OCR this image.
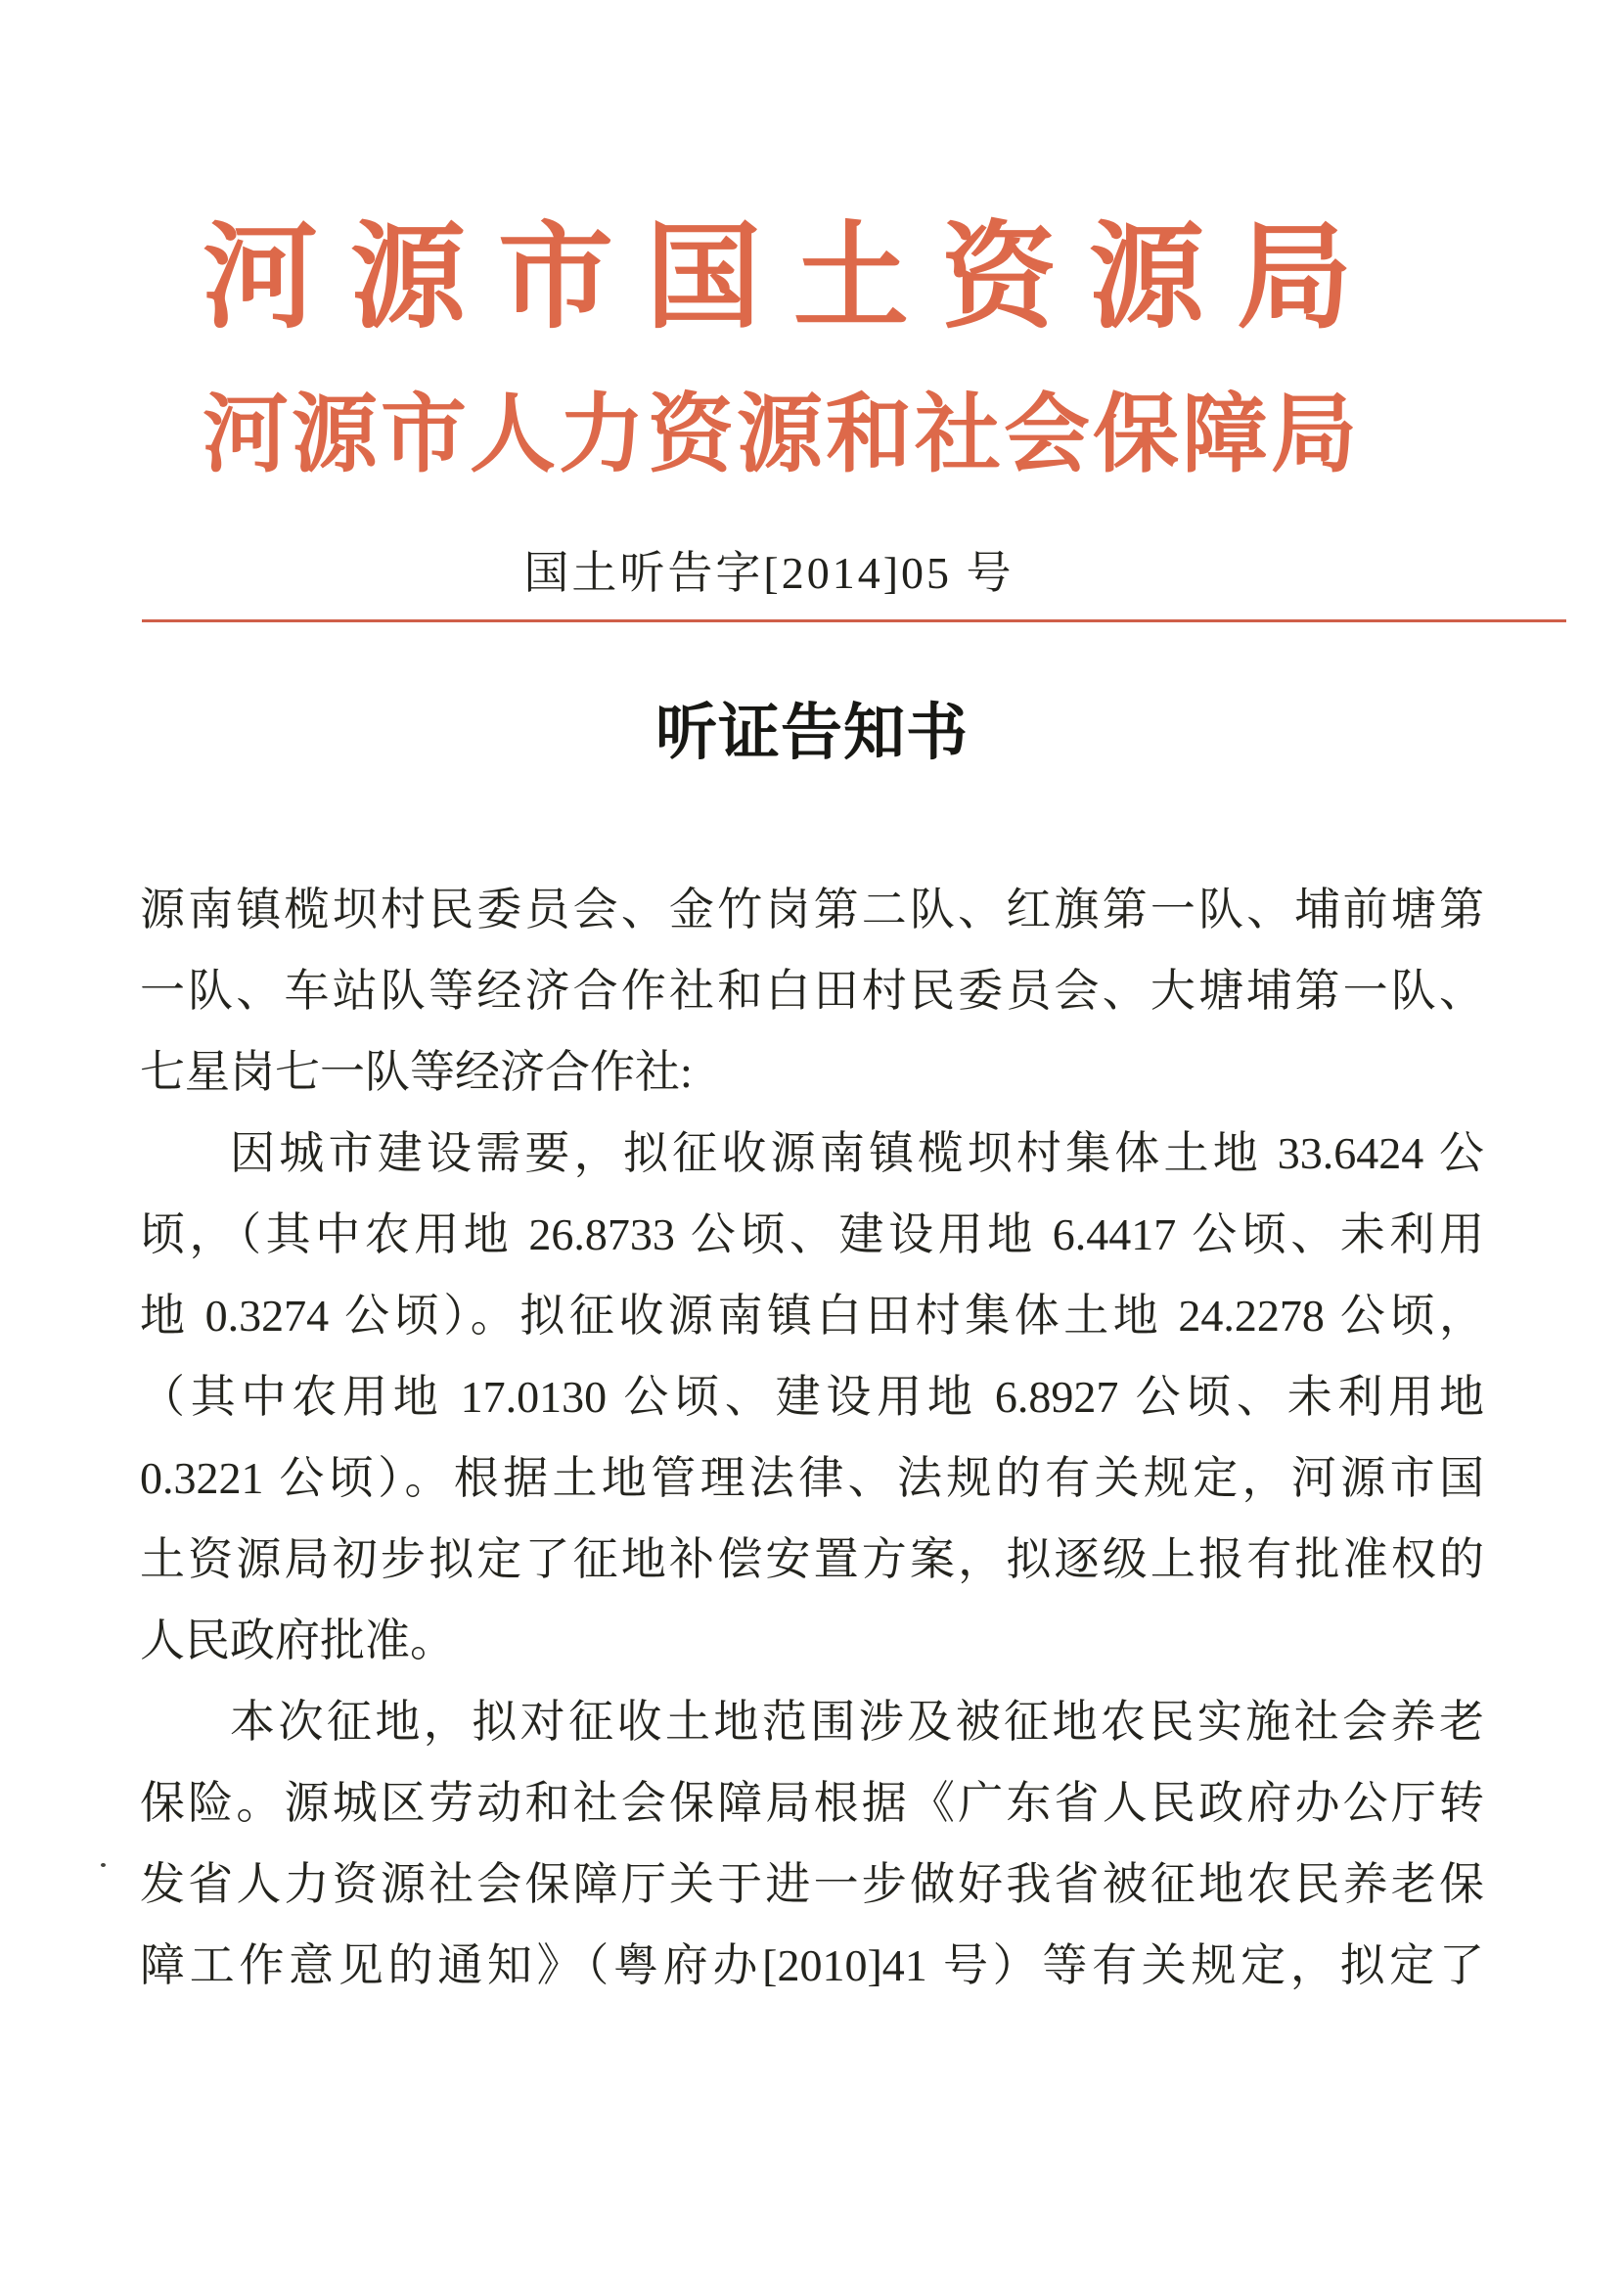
河源市国土资源局
河源市人力资源和社会保障局
国土听告字[2014]05 号
听证告知书
源南镇榄坝村民委员会、金竹岗第二队、红旗第一队、埔前塘第
一队、车站队等经济合作社和白田村民委员会、大塘埔第一队、
七星岗七一队等经济合作社:
因城市建设需要，拟征收源南镇榄坝村集体土地 33.6424 公
顷，（其中农用地 26.8733 公顷、建设用地 6.4417 公顷、未利用
地 0.3274 公顷）。拟征收源南镇白田村集体土地 24.2278 公顷，
（其中农用地 17.0130 公顷、建设用地 6.8927 公顷、未利用地
0.3221 公顷）。根据土地管理法律、法规的有关规定，河源市国
土资源局初步拟定了征地补偿安置方案，拟逐级上报有批准权的
人民政府批准。
本次征地，拟对征收土地范围涉及被征地农民实施社会养老
保险。源城区劳动和社会保障局根据《广东省人民政府办公厅转
发省人力资源社会保障厅关于进一步做好我省被征地农民养老保
障工作意见的通知》（粤府办[2010]41 号）等有关规定，拟定了
